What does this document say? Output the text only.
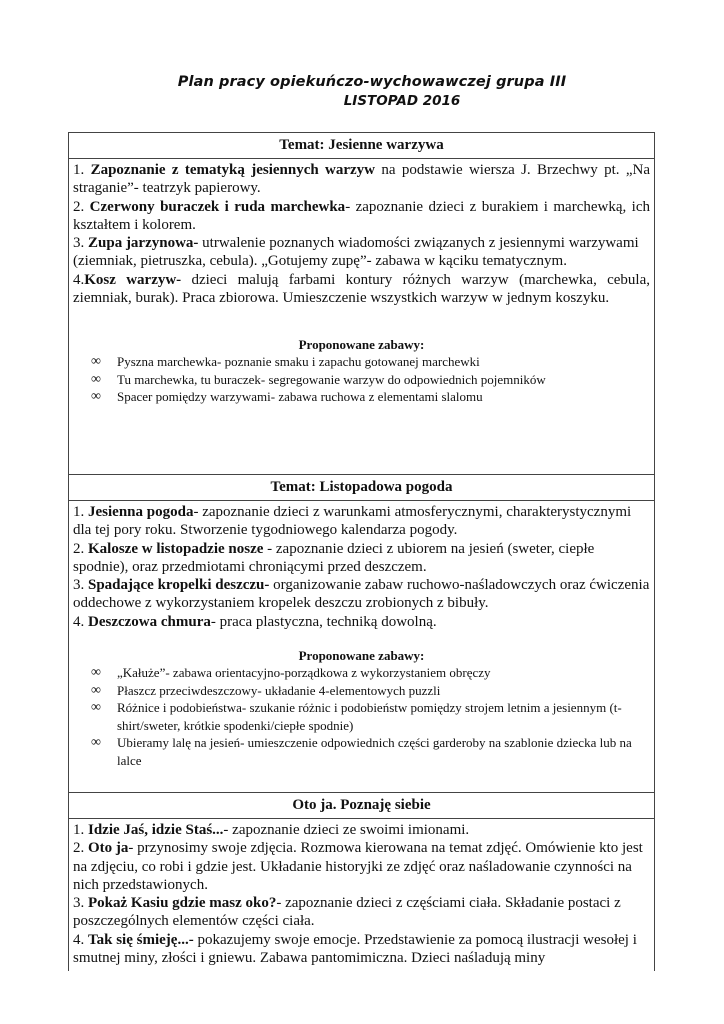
Plan pracy opiekuńczo-wychowawczej grupa III
LISTOPAD 2016
Temat: Jesienne warzywa
1. Zapoznanie z tematyką jesiennych warzyw na podstawie wiersza J. Brzechwy pt. „Na straganie”- teatrzyk papierowy.
2. Czerwony buraczek i ruda marchewka- zapoznanie dzieci z burakiem i marchewką, ich kształtem i kolorem.
3. Zupa jarzynowa- utrwalenie poznanych wiadomości związanych z jesiennymi warzywami (ziemniak, pietruszka, cebula). „Gotujemy zupę”- zabawa w kąciku tematycznym.
4.Kosz warzyw- dzieci malują farbami kontury różnych warzyw (marchewka, cebula, ziemniak, burak). Praca zbiorowa. Umieszczenie wszystkich warzyw w jednym koszyku.
Proponowane zabawy:
∞ Pyszna marchewka- poznanie smaku i zapachu gotowanej marchewki
∞ Tu marchewka, tu buraczek- segregowanie warzyw do odpowiednich pojemników
∞ Spacer pomiędzy warzywami- zabawa ruchowa z elementami slalomu
Temat: Listopadowa pogoda
1. Jesienna pogoda- zapoznanie dzieci z warunkami atmosferycznymi, charakterystycznymi dla tej pory roku. Stworzenie tygodniowego kalendarza pogody.
2. Kalosze w listopadzie nosze - zapoznanie dzieci z ubiorem na jesień (sweter, ciepłe spodnie), oraz przedmiotami chroniącymi przed deszczem.
3. Spadające kropelki deszczu- organizowanie zabaw ruchowo-naśladowczych oraz ćwiczenia oddechowe z wykorzystaniem kropelek deszczu zrobionych z bibuły.
4. Deszczowa chmura- praca plastyczna, techniką dowolną.
Proponowane zabawy:
∞ „Kałuże”- zabawa orientacyjno-porządkowa z wykorzystaniem obręczy
∞ Płaszcz przeciwdeszczowy- układanie 4-elementowych puzzli
∞ Różnice i podobieństwa- szukanie różnic i podobieństw pomiędzy strojem letnim a jesiennym (t-shirt/sweter, krótkie spodenki/ciepłe spodnie)
∞ Ubieramy lalę na jesień- umieszczenie odpowiednich części garderoby na szablonie dziecka lub na lalce
Oto ja. Poznaję siebie
1. Idzie Jaś, idzie Staś...- zapoznanie dzieci ze swoimi imionami.
2. Oto ja- przynosimy swoje zdjęcia. Rozmowa kierowana na temat zdjęć. Omówienie kto jest na zdjęciu, co robi i gdzie jest. Układanie historyjki ze zdjęć oraz naśladowanie czynności na nich przedstawionych.
3. Pokaż Kasiu gdzie masz oko?- zapoznanie dzieci z częściami ciała. Składanie postaci z poszczególnych elementów części ciała.
4. Tak się śmieję...- pokazujemy swoje emocje. Przedstawienie za pomocą ilustracji wesołej i smutnej miny, złości i gniewu. Zabawa pantomimiczna. Dzieci naśladują miny
